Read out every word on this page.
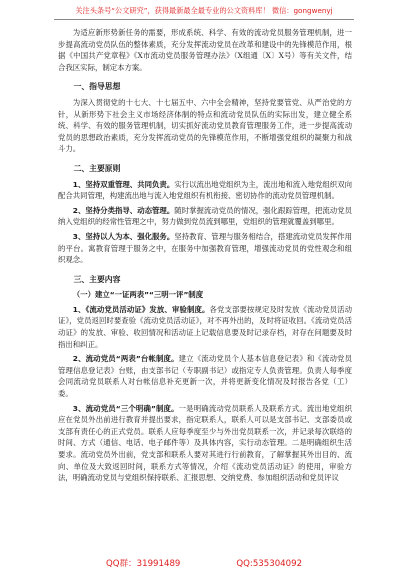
关注头条号“公文研究”，获得最新最全最专业的公文资料库！ 微信：gongwenyj

为适应新形势新任务的需要，形成系统、科学、有效的流动党员服务管理机制，进一步提高流动党员队伍的整体素质，充分发挥流动党员在改革和建设中的先锋模范作用，根据《中国共产党章程》《X市流动党员服务管理办法》（X组通〔X〕X号）等有关文件，结合我区实际，制定本方案。

一、指导思想

为深入贯彻党的十七大、十七届五中、六中全会精神，坚持党要管党、从严治党的方针，从新形势下社会主义市场经济体制的特点和流动党员队伍的实际出发，建立健全系统、科学、有效的服务管理机制，切实抓好流动党员教育管理服务工作，进一步提高流动党员的思想政治素质，充分发挥流动党员的先锋模范作用，不断增强党组织的凝聚力和战斗力。

二、主要原则

1、坚持双重管理、共同负责。实行以流出地党组织为主，流出地和流入地党组织双向配合共同管理，构建流出地与流入地党组织有机衔接、密切协作的流动党员管理机制。

2、坚持分类指导、动态管理。随时掌握流动党员的情况，强化跟踪管理，把流动党员纳入党组织的经常性管理之中，努力做到党员流到哪里，党组织的管理就覆盖到哪里。

3、坚持以人为本、强化服务。坚持教育、管理与服务相结合，搭建流动党员发挥作用的平台。寓教育管理于服务之中，在服务中加强教育管理，增强流动党员的党性观念和组织观念。

三、主要内容
（一）建立“一证两表”“三明一评”制度

1、《流动党员活动证》发放、审验制度。各党支部要按规定及时发放《流动党员活动证》，党员返回时要查验《流动党员活动证》，对不再外出的，及时将证收回。《流动党员活动证》的发放、审验、收回情况和活动证上记载信息要及时记录存档，对存在问题要及时指出和纠正。

2、流动党员“两表”台帐制度。建立《流动党员个人基本信息登记表》和《流动党员管理信息登记表》台账，由支部书记（专职副书记）或指定专人负责管理。负责人每季度会同流动党员联系人对台帐信息补充更新一次，并将更新变化情况及时报告各党（工）委。

3、流动党员“三个明确”制度。一是明确流动党员联系人及联系方式。流出地党组织应在党员外出前进行教育并提出要求，指定联系人，联系人可以是支部书记、支部委员或支部有责任心的正式党员。联系人应每季度至少与外出党员联系一次，并记录每次联络的时间、方式（通信、电话、电子邮件等）及具体内容，实行动态管理。二是明确组织生活要求。流动党员外出前，党支部和联系人要对其进行行前教育，了解掌握其外出目的、流向、单位及大致返回时间，联系方式等情况，介绍《流动党员活动证》的使用，审验方法，明确流动党员与党组织保持联系、汇报思想、交纳党费、参加组织活动和党员评议

QQ群：31991489	QQ:535304092
